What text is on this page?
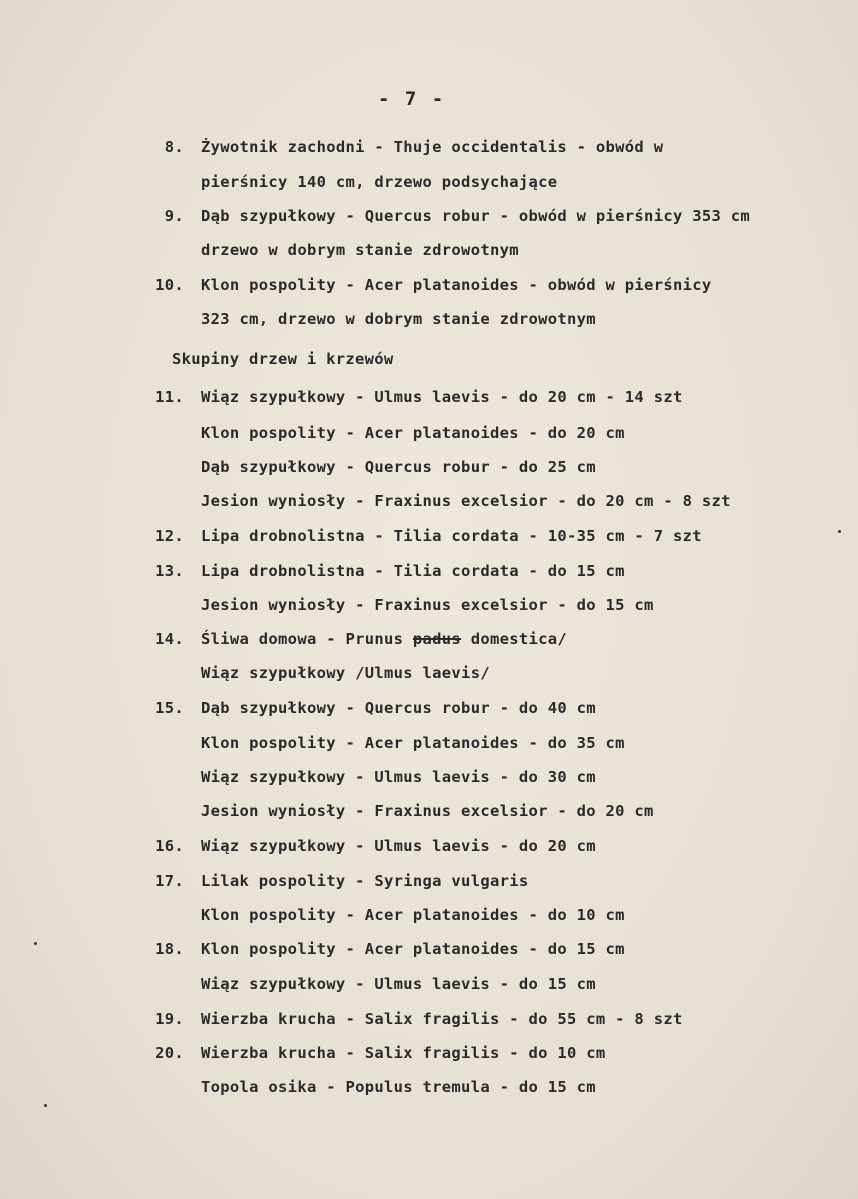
- 7 -
8. Żywotnik zachodni - Thuje occidentalis - obwód w
pierśnicy 140 cm, drzewo podsychające
9. Dąb szypułkowy - Quercus robur - obwód w pierśnicy 353 cm
drzewo w dobrym stanie zdrowotnym
10. Klon pospolity - Acer platanoides - obwód w pierśnicy
323 cm, drzewo w dobrym stanie zdrowotnym
Skupiny drzew i krzewów
11. Wiąz szypułkowy - Ulmus laevis - do 20 cm - 14 szt
Klon pospolity - Acer platanoides - do 20 cm
Dąb szypułkowy - Quercus robur - do 25 cm
Jesion wyniosły - Fraxinus excelsior - do 20 cm - 8 szt
12. Lipa drobnolistna - Tilia cordata - 10-35 cm - 7 szt
13. Lipa drobnolistna - Tilia cordata - do 15 cm
Jesion wyniosły - Fraxinus excelsior - do 15 cm
14. Śliwa domowa - Prunus padus domestica/
Wiąz szypułkowy /Ulmus laevis/
15. Dąb szypułkowy - Quercus robur - do 40 cm
Klon pospolity - Acer platanoides - do 35 cm
Wiąz szypułkowy - Ulmus laevis - do 30 cm
Jesion wyniosły - Fraxinus excelsior - do 20 cm
16. Wiąz szypułkowy - Ulmus laevis - do 20 cm
17. Lilak pospolity - Syringa vulgaris
Klon pospolity - Acer platanoides - do 10 cm
18. Klon pospolity - Acer platanoides - do 15 cm
Wiąz szypułkowy - Ulmus laevis - do 15 cm
19. Wierzba krucha - Salix fragilis - do 55 cm - 8 szt
20. Wierzba krucha - Salix fragilis - do 10 cm
Topola osika - Populus tremula - do 15 cm
